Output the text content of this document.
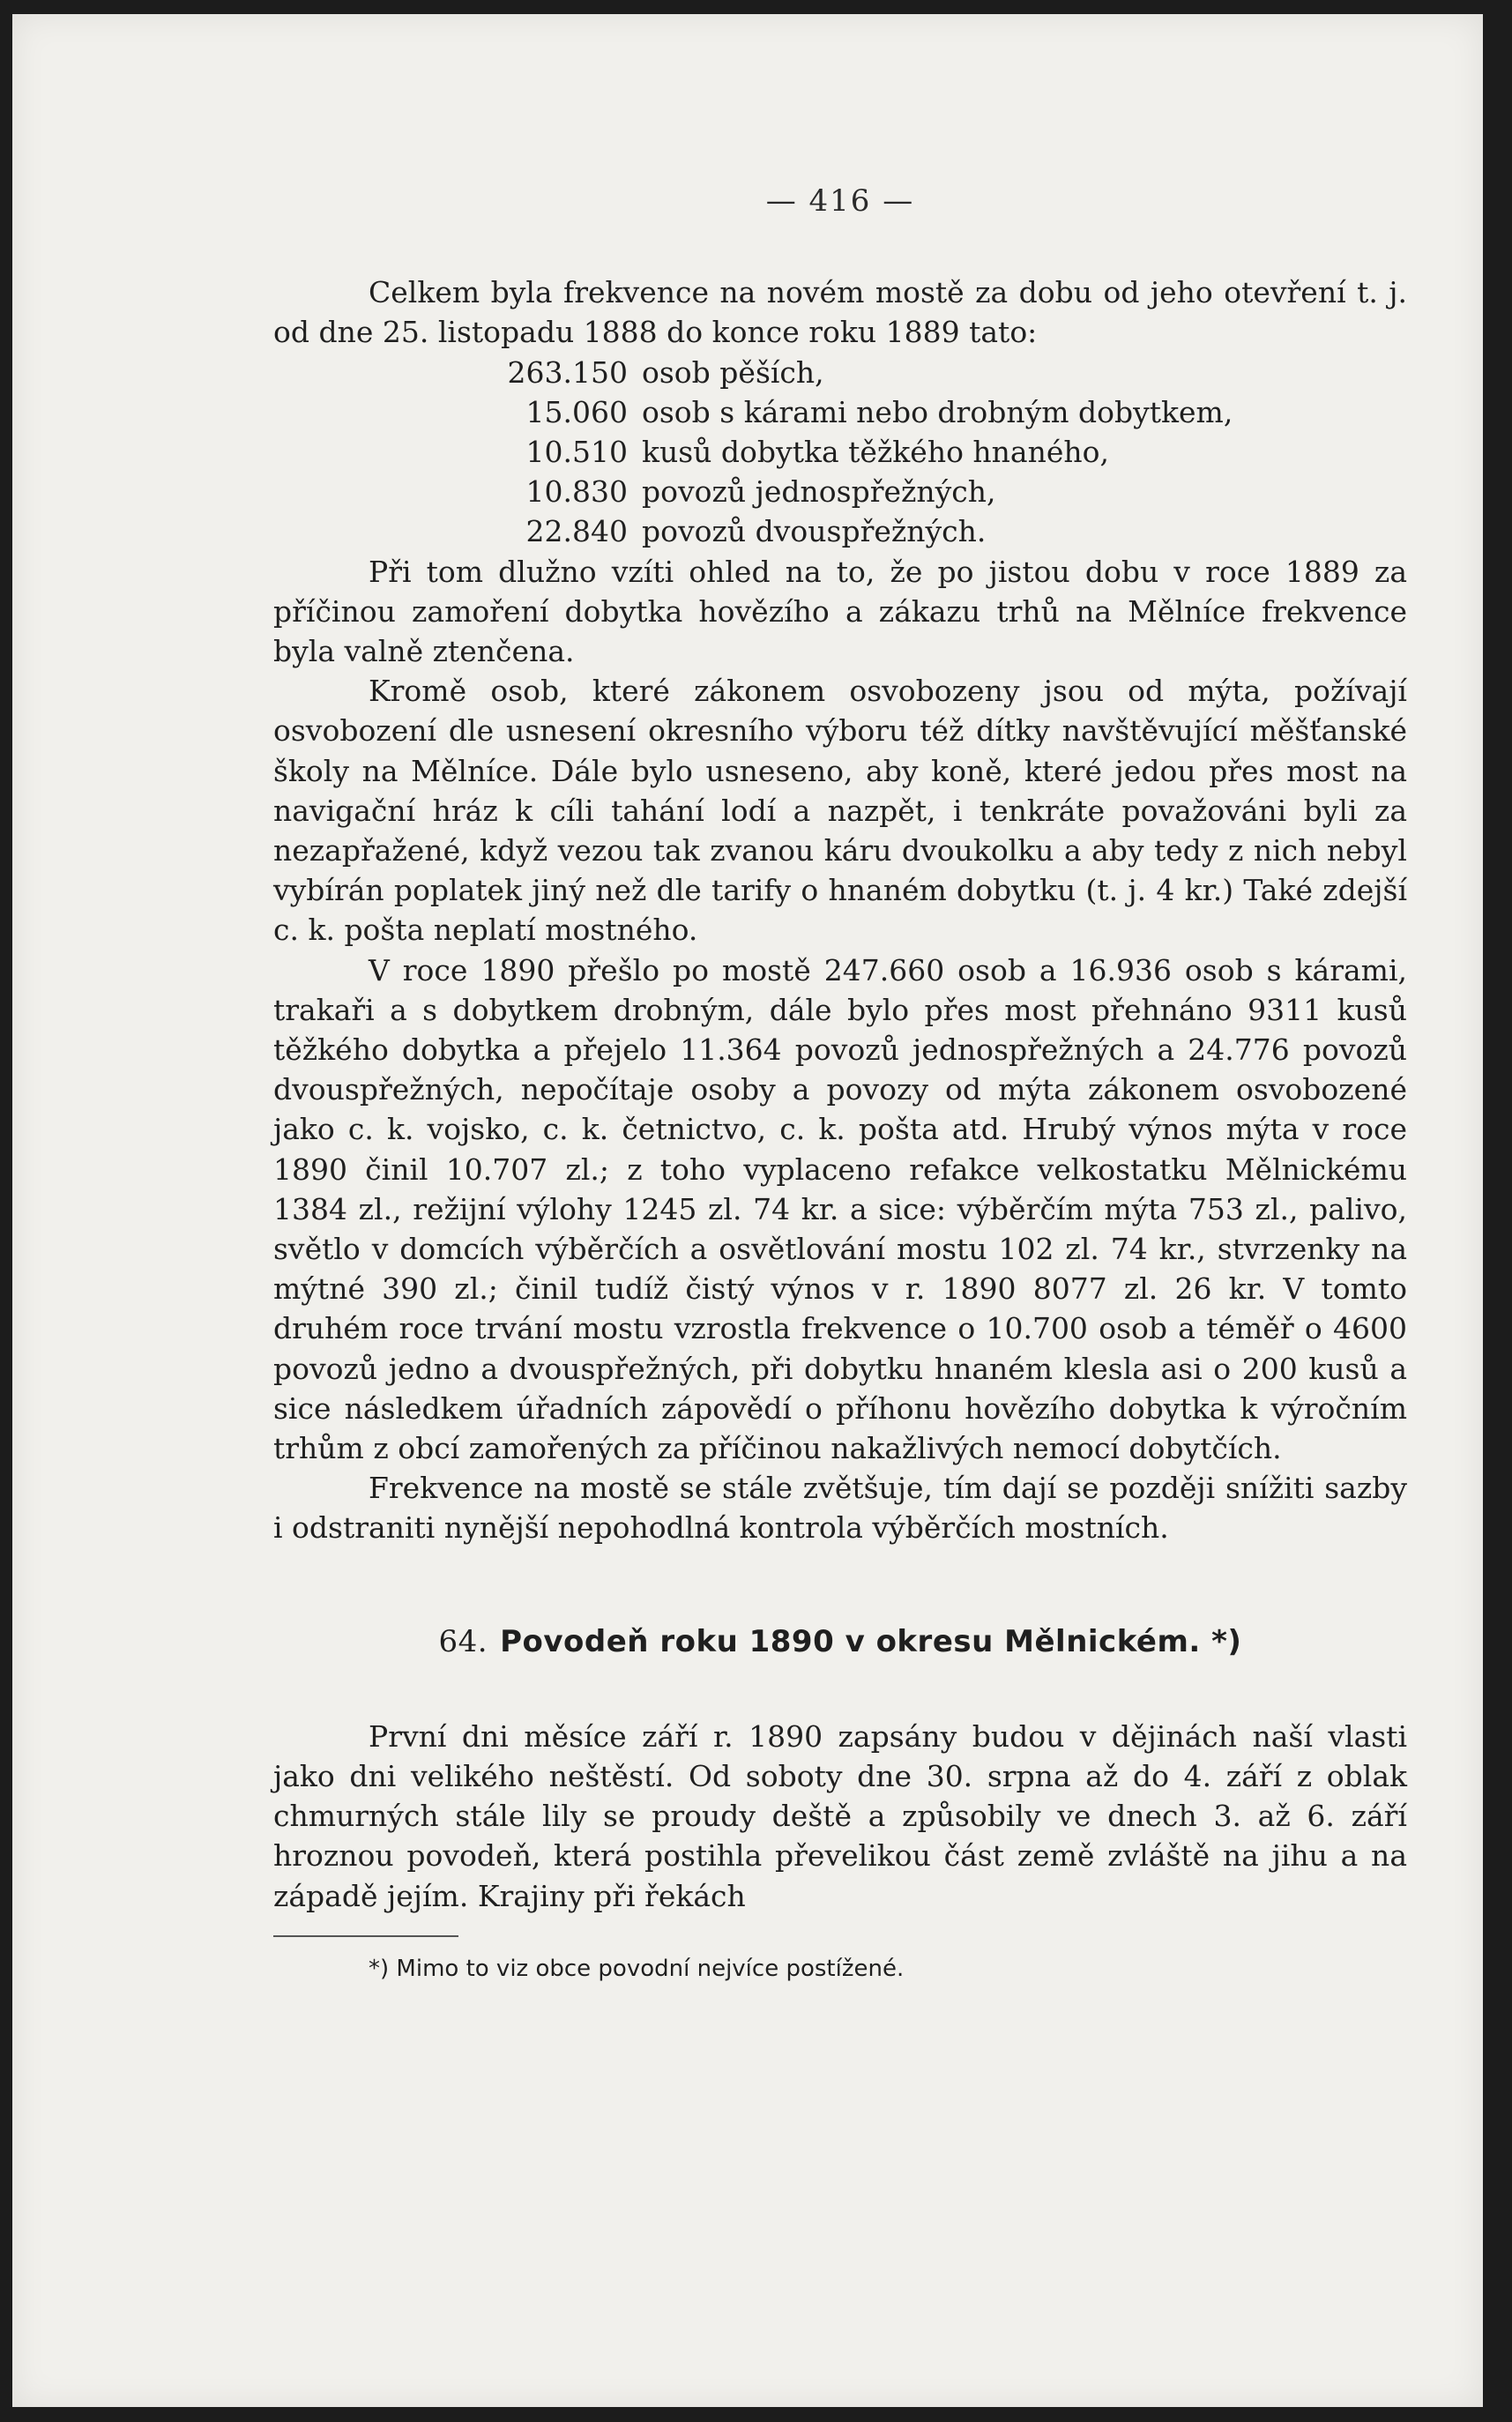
— 416 —

Celkem byla frekvence na novém mostě za dobu od jeho otevření t. j. od dne 25. listopadu 1888 do konce roku 1889 tato:

263.150 osob pěších,
15.060 osob s kárami nebo drobným dobytkem,
10.510 kusů dobytka těžkého hnaného,
10.830 povozů jednospřežných,
22.840 povozů dvouspřežných.

Při tom dlužno vzíti ohled na to, že po jistou dobu v roce 1889 za příčinou zamoření dobytka hovězího a zákazu trhů na Mělníce frekvence byla valně ztenčena.

Kromě osob, které zákonem osvobozeny jsou od mýta, požívají osvobození dle usnesení okresního výboru též dítky navštěvující měšťanské školy na Mělníce. Dále bylo usneseno, aby koně, které jedou přes most na navigační hráz k cíli tahání lodí a nazpět, i tenkráte považováni byli za nezapřažené, když vezou tak zvanou káru dvoukolku a aby tedy z nich nebyl vybírán poplatek jiný než dle tarify o hnaném dobytku (t. j. 4 kr.) Také zdejší c. k. pošta neplatí mostného.

V roce 1890 přešlo po mostě 247.660 osob a 16.936 osob s kárami, trakaři a s dobytkem drobným, dále bylo přes most přehnáno 9311 kusů těžkého dobytka a přejelo 11.364 povozů jednospřežných a 24.776 povozů dvouspřežných, nepočítaje osoby a povozy od mýta zákonem osvobozené jako c. k. vojsko, c. k. četnictvo, c. k. pošta atd. Hrubý výnos mýta v roce 1890 činil 10.707 zl.; z toho vyplaceno refakce velkostatku Mělnickému 1384 zl., režijní výlohy 1245 zl. 74 kr. a sice: výběrčím mýta 753 zl., palivo, světlo v domcích výběrčích a osvětlování mostu 102 zl. 74 kr., stvrzenky na mýtné 390 zl.; činil tudíž čistý výnos v r. 1890 8077 zl. 26 kr. V tomto druhém roce trvání mostu vzrostla frekvence o 10.700 osob a téměř o 4600 povozů jedno a dvouspřežných, při dobytku hnaném klesla asi o 200 kusů a sice následkem úřadních zápovědí o příhonu hovězího dobytka k výročním trhům z obcí zamořených za příčinou nakažlivých nemocí dobytčích.

Frekvence na mostě se stále zvětšuje, tím dají se později snížiti sazby i odstraniti nynější nepohodlná kontrola výběrčích mostních.

64. Povodeň roku 1890 v okresu Mělnickém. *)

První dni měsíce září r. 1890 zapsány budou v dějinách naší vlasti jako dni velikého neštěstí. Od soboty dne 30. srpna až do 4. září z oblak chmurných stále lily se proudy deště a způsobily ve dnech 3. až 6. září hroznou povodeň, která postihla převelikou část země zvláště na jihu a na západě jejím. Krajiny při řekách

*) Mimo to viz obce povodní nejvíce postížené.
